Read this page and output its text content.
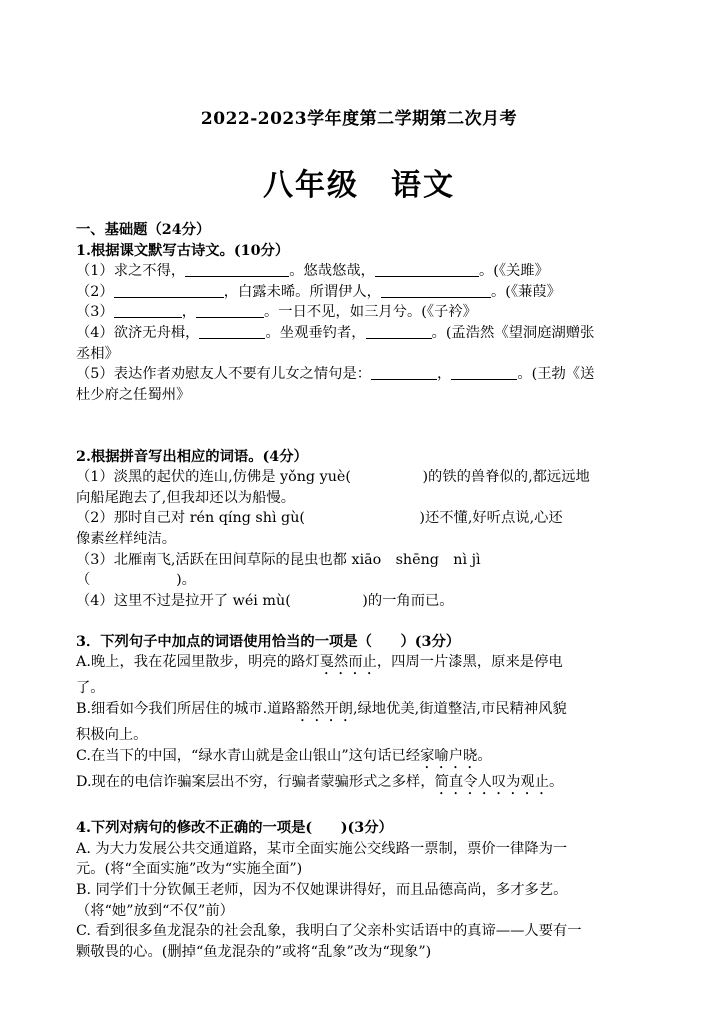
2022-2023学年度第二学期第二次月考
八年级　语文
一、基础题（24分）
1.根据课文默写古诗文。(10分）
（1）求之不得，	。悠哉悠哉，	。(《关雎》
（2）	，白露未晞。所谓伊人，	。(《蒹葭》
（3）	，	。一日不见，如三月兮。(《子衿》
（4）欲济无舟楫，	。坐观垂钓者，	。(孟浩然《望洞庭湖赠张
丞相》
（5）表达作者劝慰友人不要有儿女之情句是：	，	。(王勃《送
杜少府之任蜀州》
2.根据拼音写出相应的词语。(4分）
（1）淡黑的起伏的连山,仿佛是 yǒng yuè(　　　　　)的铁的兽脊似的,都远远地
向船尾跑去了,但我却还以为船慢。
（2）那时自己对 rén qíng shì gù(　　　　　　　　)还不懂,好听点说,心还
像素丝样纯洁。
（3）北雁南飞,活跃在田间草际的昆虫也都 xiāo　shēng　nì jì
（　　　　　　)。
（4）这里不过是拉开了 wéi mù(　　　　　)的一角而已。
3．下列句子中加点的词语使用恰当的一项是（　　）(3分）
A.晚上，我在花园里散步，明亮的路灯戛然而止，四周一片漆黑，原来是停电
了。
B.细看如今我们所居住的城市.道路豁然开朗,绿地优美,街道整洁,市民精神风貌
积极向上。
C.在当下的中国，“绿水青山就是金山银山”这句话已经家喻户晓。
D.现在的电信诈骗案层出不穷，行骗者蒙骗形式之多样，简直令人叹为观止。
4.下列对病句的修改不正确的一项是(　　)(3分）
A. 为大力发展公共交通道路，某市全面实施公交线路一票制，票价一律降为一
元。(将“全面实施”改为“实施全面”)
B. 同学们十分钦佩王老师，因为不仅她课讲得好，而且品德高尚，多才多艺。
（将“她”放到“不仅”前）
C. 看到很多鱼龙混杂的社会乱象，我明白了父亲朴实话语中的真谛——人要有一
颗敬畏的心。(删掉“鱼龙混杂的”或将“乱象”改为“现象”)
